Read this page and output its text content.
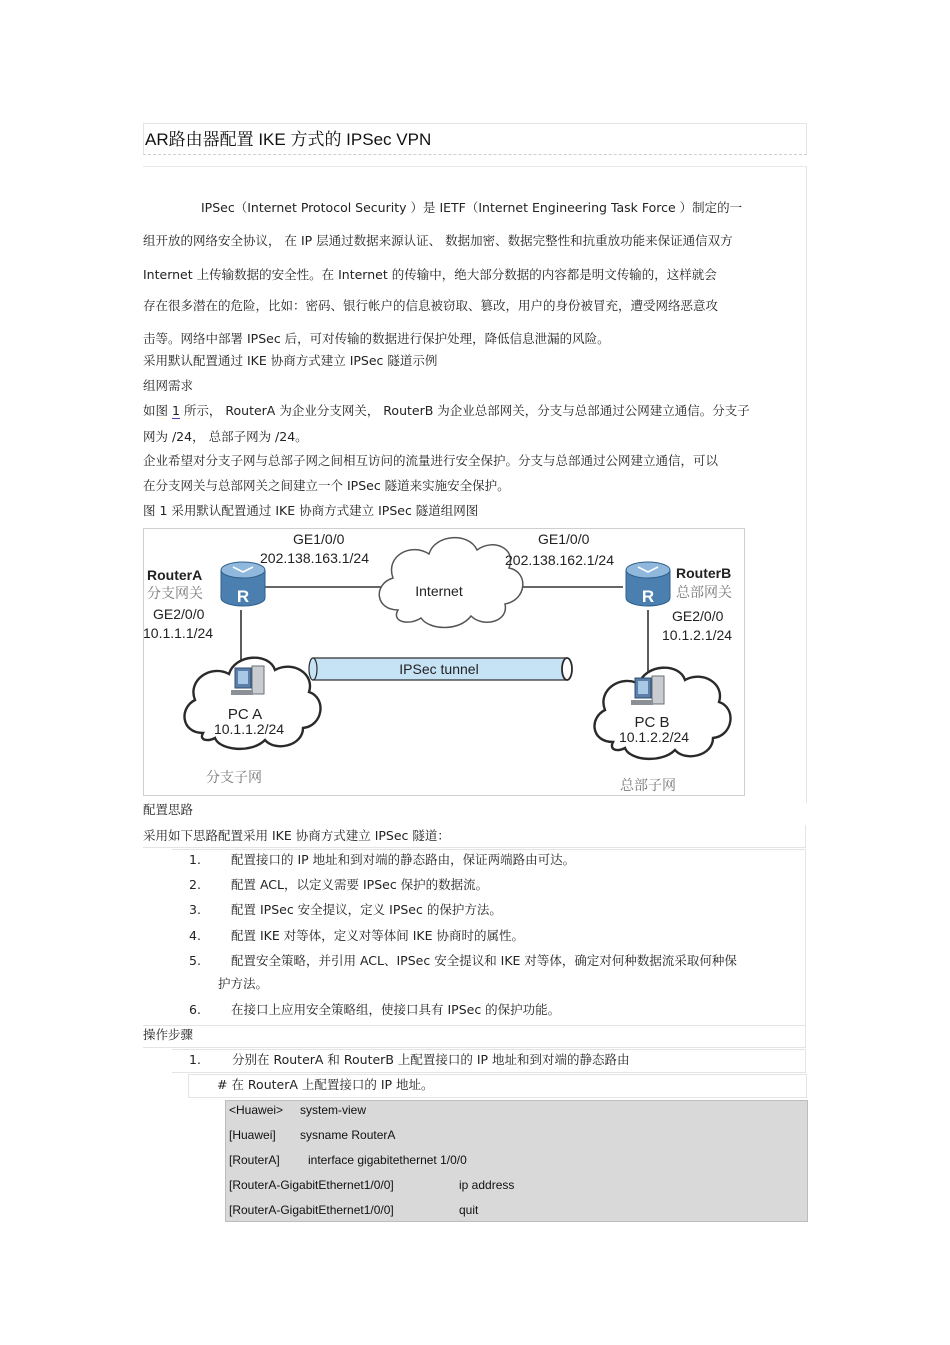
AR路由器配置 IKE 方式的 IPSec VPN
IPSec（Internet Protocol Security ）是 IETF（Internet Engineering Task Force ）制定的一
组开放的网络安全协议， 在 IP 层通过数据来源认证、 数据加密、数据完整性和抗重放功能来保证通信双方
Internet 上传输数据的安全性。在 Internet 的传输中，绝大部分数据的内容都是明文传输的，这样就会
存在很多潜在的危险，比如：密码、银行帐户的信息被窃取、篡改，用户的身份被冒充，遭受网络恶意攻
击等。网络中部署 IPSec 后，可对传输的数据进行保护处理，降低信息泄漏的风险。
采用默认配置通过 IKE 协商方式建立 IPSec 隧道示例
组网需求
如图 1 所示， RouterA 为企业分支网关， RouterB 为企业总部网关，分支与总部通过公网建立通信。分支子
网为 /24， 总部子网为 /24。
企业希望对分支子网与总部子网之间相互访问的流量进行安全保护。分支与总部通过公网建立通信，可以
在分支网关与总部网关之间建立一个 IPSec 隧道来实施安全保护。
图 1 采用默认配置通过 IKE 协商方式建立 IPSec 隧道组网图
Internet
R	R
RouterA
分支网关
GE2/0/0
10.1.1.1/24
GE1/0/0
202.138.163.1/24
RouterB
总部网关
GE2/0/0
10.1.2.1/24
GE1/0/0
202.138.162.1/24
IPSec tunnel
PC A
10.1.1.2/24
分支子网
PC B
10.1.2.2/24
总部子网
配置思路
采用如下思路配置采用 IKE 协商方式建立 IPSec 隧道：
1. 配置接口的 IP 地址和到对端的静态路由，保证两端路由可达。
2. 配置 ACL，以定义需要 IPSec 保护的数据流。
3. 配置 IPSec 安全提议，定义 IPSec 的保护方法。
4. 配置 IKE 对等体，定义对等体间 IKE 协商时的属性。
5. 配置安全策略，并引用 ACL、IPSec 安全提议和 IKE 对等体，确定对何种数据流采取何种保
护方法。
6. 在接口上应用安全策略组，使接口具有 IPSec 的保护功能。
操作步骤
1. 分别在 RouterA 和 RouterB 上配置接口的 IP 地址和到对端的静态路由
# 在 RouterA 上配置接口的 IP 地址。
<Huawei> system-view
[Huawei] sysname RouterA
[RouterA] interface gigabitethernet 1/0/0
[RouterA-GigabitEthernet1/0/0]	ip address
[RouterA-GigabitEthernet1/0/0]	quit
